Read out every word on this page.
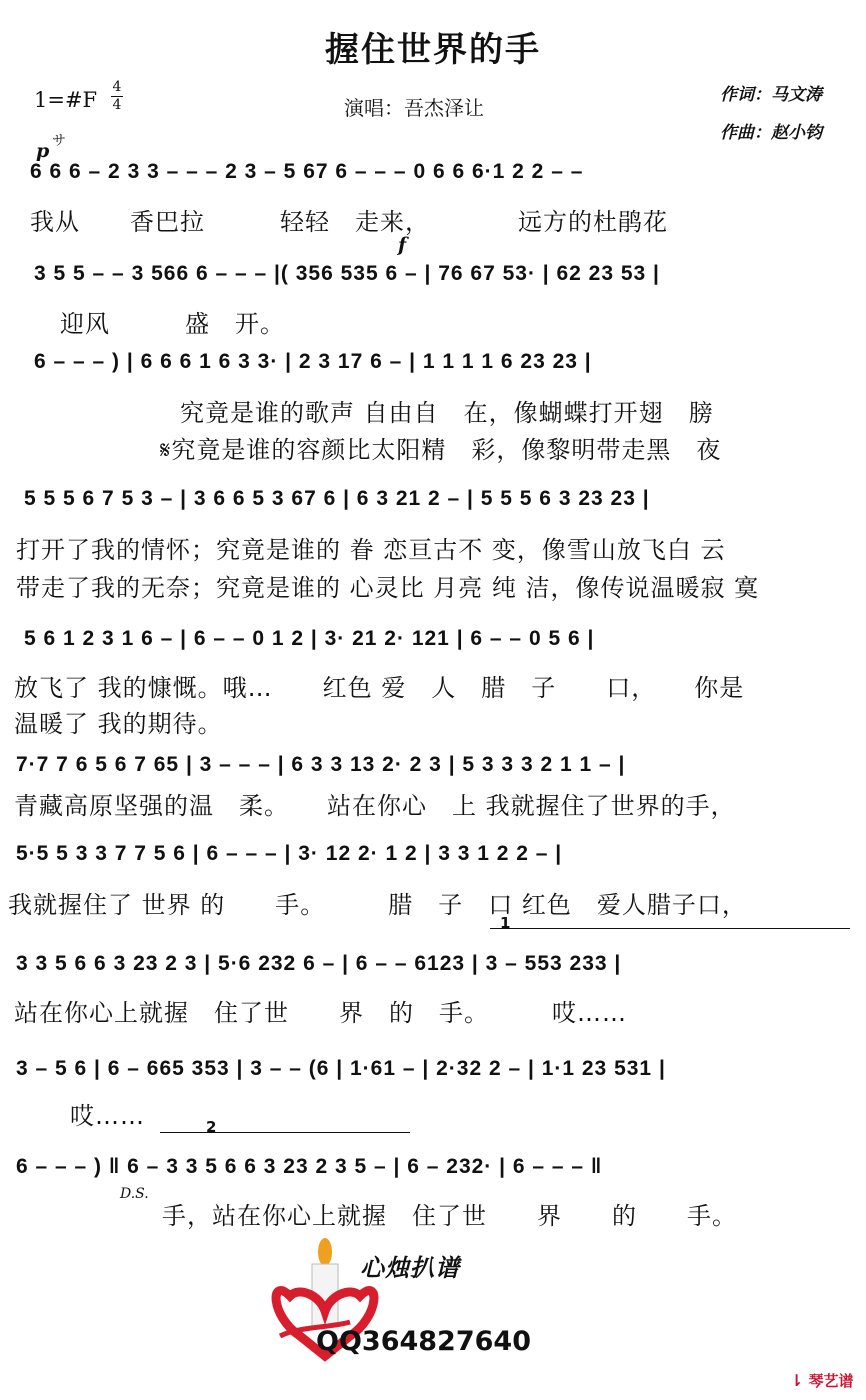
握住世界的手
1=#F
4
4	演唱：吾杰泽让
作词：马文涛
作曲：赵小钧
p サ
f
6 6 6 – 2 3 3 – – – 2 3 – 5 67 6 – – – 0 6 6 6·1 2 2 – –
我从　　香巴拉　　　轻轻　走来，　　　　远方的杜鹃花
3 5 5 – – 3 566 6 – – – |( 356 535 6 – | 76 67 53· | 62 23 53 |
迎风　　　盛　开。
6 – – – ) | 6 6 6 1 6 3 3· | 2 3 17 6 – | 1 1 1 1 6 23 23 |
究竟是谁的歌声 自由自　在，像蝴蝶打开翅　膀
𝄋究竟是谁的容颜比太阳精　彩，像黎明带走黑　夜
5 5 5 6 7 5 3 – | 3 6 6 5 3 67 6 | 6 3 21 2 – | 5 5 5 6 3 23 23 |
打开了我的情怀；究竟是谁的 眷 恋亘古不 变，像雪山放飞白 云
带走了我的无奈；究竟是谁的 心灵比 月亮 纯 洁，像传说温暖寂 寞
5 6 1 2 3 1 6 – | 6 – – 0 1 2 | 3· 21 2· 121 | 6 – – 0 5 6 |
放飞了 我的慷慨。哦…　　红色 爱　人　腊　子　　口，　　你是
温暖了 我的期待。
7·7 7 6 5 6 7 65 | 3 – – – | 6 3 3 13 2· 2 3 | 5 3 3 3 2 1 1 – |
青藏高原坚强的温　柔。　　站在你心　上 我就握住了世界的手，
5·5 5 3 3 7 7 5 6 | 6 – – – | 3· 12 2· 1 2 | 3 3 1 2 2 – |
我就握住了 世界 的　　手。　　　腊　子　口 红色　爱人腊子口，
1
3 3 5 6 6 3 23 2 3 | 5·6 232 6 – | 6 – – 6123 | 3 – 553 233 |
站在你心上就握　住了世　　界　的　手。　　　哎……
3 – 5 6 | 6 – 665 353 | 3 – – (6 | 1·61 – | 2·32 2 – | 1·1 23 531 |
哎……	2
6 – – – ) ‖ 6 – 3 3 5 6 6 3 23 2 3 5 – | 6 – 232· | 6 – – – ‖
D.S.
手，站在你心上就握　住了世　　界　　的　　手。
心烛扒谱
QQ364827640
⇂ 琴艺谱
